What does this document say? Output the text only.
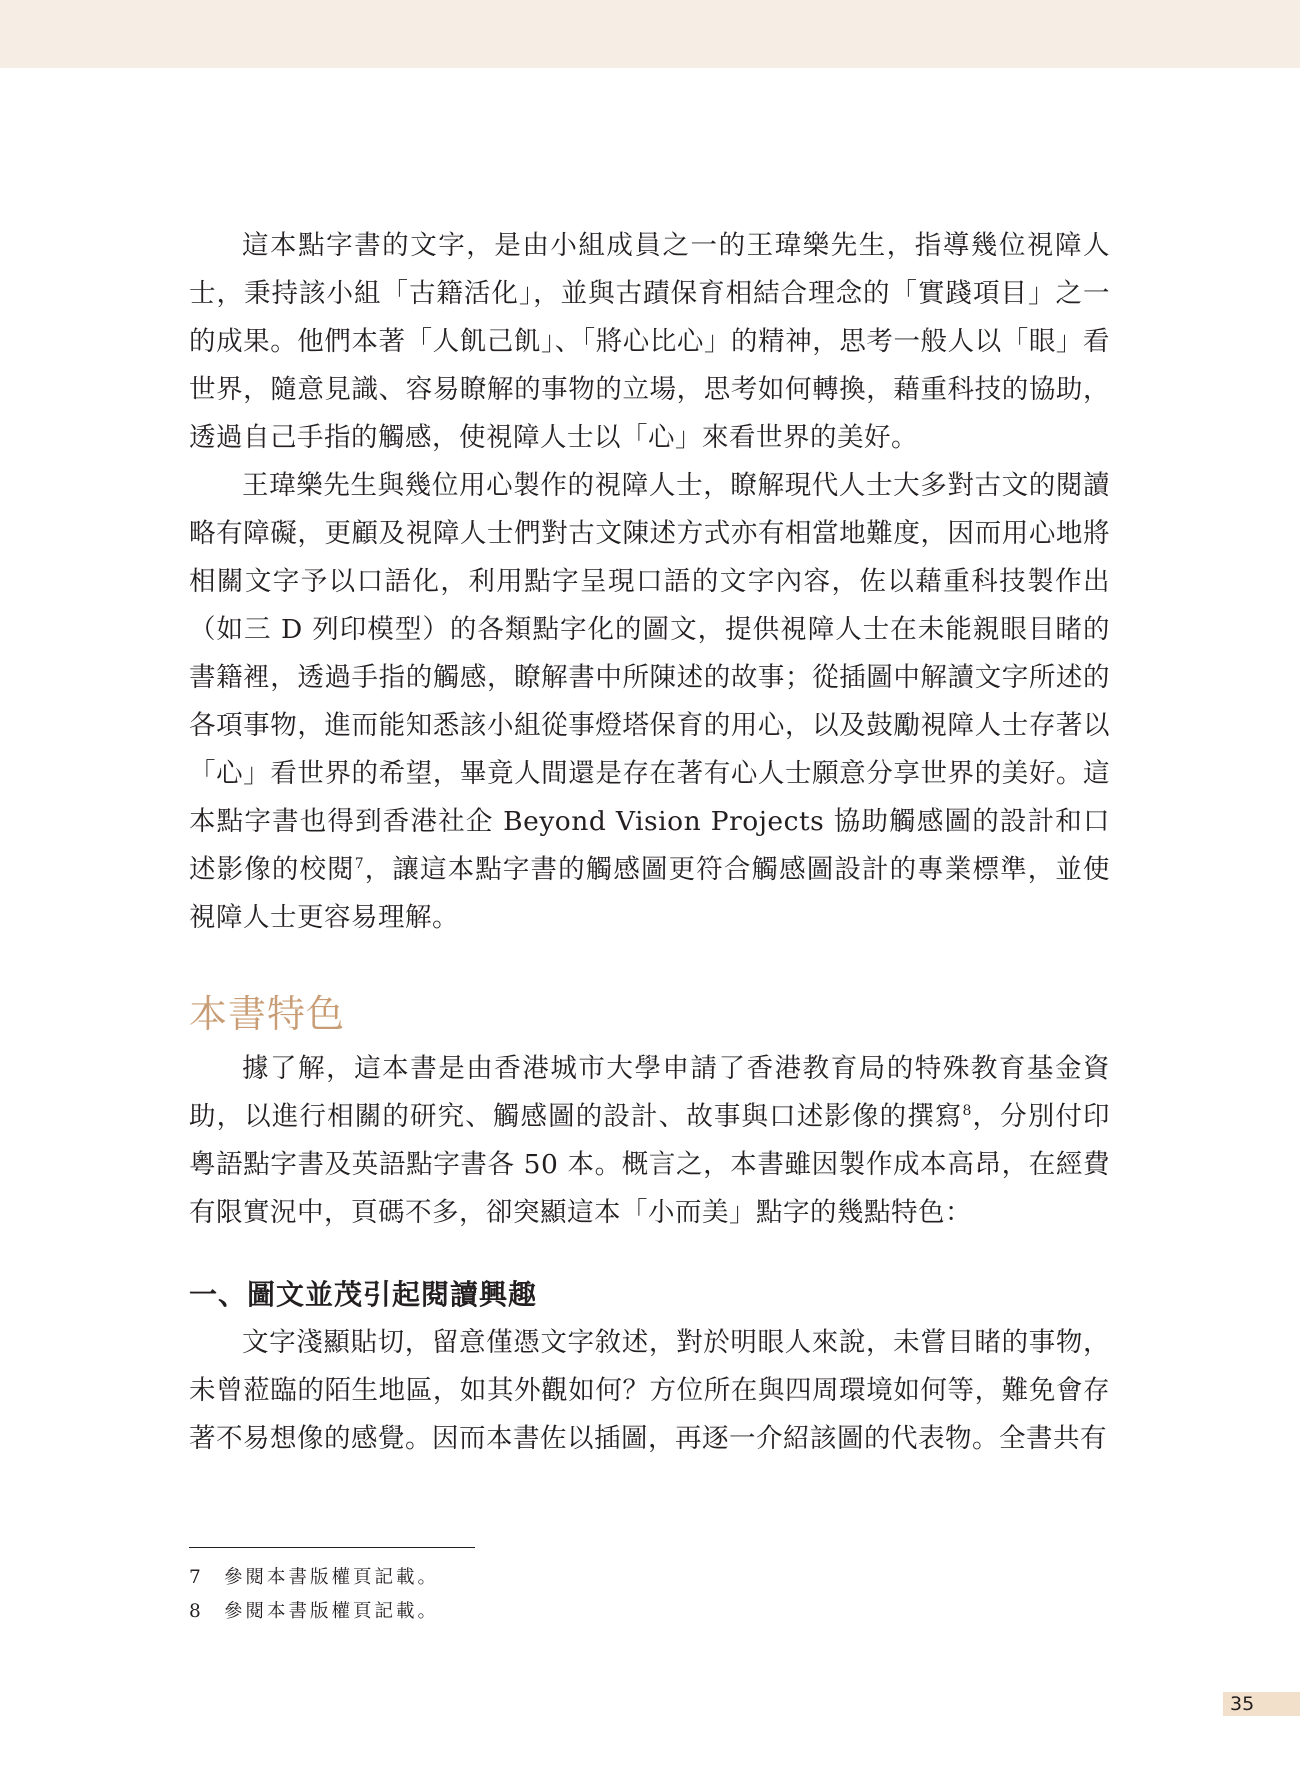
這本點字書的文字，是由小組成員之一的王瑋樂先生，指導幾位視障人士，秉持該小組「古籍活化」，並與古蹟保育相結合理念的「實踐項目」之一的成果。他們本著「人飢己飢」、「將心比心」的精神，思考一般人以「眼」看世界，隨意見識、容易瞭解的事物的立場，思考如何轉換，藉重科技的協助，透過自己手指的觸感，使視障人士以「心」來看世界的美好。

王瑋樂先生與幾位用心製作的視障人士，瞭解現代人士大多對古文的閱讀略有障礙，更顧及視障人士們對古文陳述方式亦有相當地難度，因而用心地將相關文字予以口語化，利用點字呈現口語的文字內容，佐以藉重科技製作出（如三 D 列印模型）的各類點字化的圖文，提供視障人士在未能親眼目睹的書籍裡，透過手指的觸感，瞭解書中所陳述的故事；從插圖中解讀文字所述的各項事物，進而能知悉該小組從事燈塔保育的用心，以及鼓勵視障人士存著以「心」看世界的希望，畢竟人間還是存在著有心人士願意分享世界的美好。這本點字書也得到香港社企 Beyond Vision Projects 協助觸感圖的設計和口述影像的校閱$^7$，讓這本點字書的觸感圖更符合觸感圖設計的專業標準，並使視障人士更容易理解。

本書特色

據了解，這本書是由香港城市大學申請了香港教育局的特殊教育基金資助，以進行相關的研究、觸感圖的設計、故事與口述影像的撰寫$^8$，分別付印粵語點字書及英語點字書各 50 本。概言之，本書雖因製作成本高昂，在經費有限實況中，頁碼不多，卻突顯這本「小而美」點字的幾點特色：

一、圖文並茂引起閱讀興趣

文字淺顯貼切，留意僅憑文字敘述，對於明眼人來說，未嘗目睹的事物，未曾蒞臨的陌生地區，如其外觀如何？方位所在與四周環境如何等，難免會存著不易想像的感覺。因而本書佐以插圖，再逐一介紹該圖的代表物。全書共有

7	參閱本書版權頁記載。
8	參閱本書版權頁記載。
35
